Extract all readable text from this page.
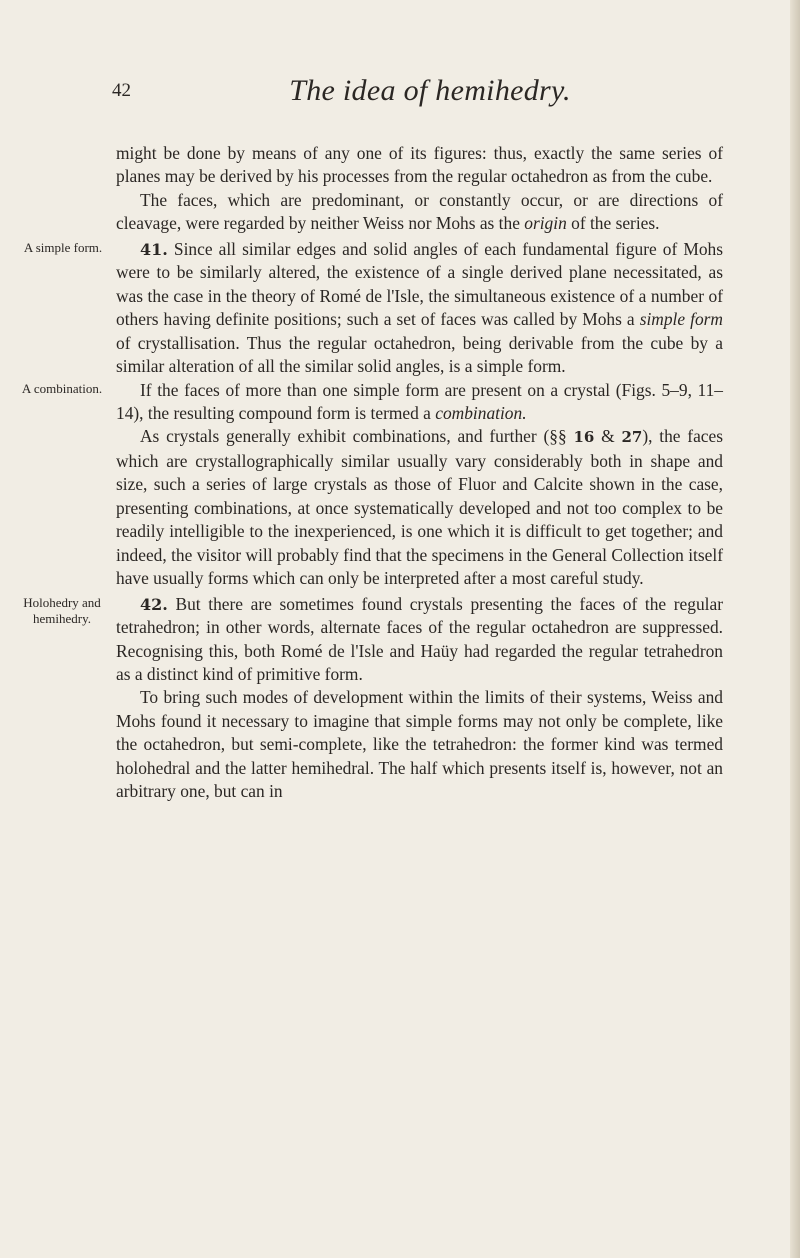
42	The idea of hemihedry.

might be done by means of any one of its figures: thus, exactly the same series of planes may be derived by his processes from the regular octahedron as from the cube.

The faces, which are predominant, or constantly occur, or are directions of cleavage, were regarded by neither Weiss nor Mohs as the origin of the series.

A simple form. 41. Since all similar edges and solid angles of each fundamental figure of Mohs were to be similarly altered, the existence of a single derived plane necessitated, as was the case in the theory of Romé de l'Isle, the simultaneous existence of a number of others having definite positions; such a set of faces was called by Mohs a simple form of crystallisation. Thus the regular octahedron, being derivable from the cube by a similar alteration of all the similar solid angles, is a simple form.

A combination. If the faces of more than one simple form are present on a crystal (Figs. 5–9, 11–14), the resulting compound form is termed a combination.

As crystals generally exhibit combinations, and further (§§ 16 & 27), the faces which are crystallographically similar usually vary considerably both in shape and size, such a series of large crystals as those of Fluor and Calcite shown in the case, presenting combinations, at once systematically developed and not too complex to be readily intelligible to the inexperienced, is one which it is difficult to get together; and indeed, the visitor will probably find that the specimens in the General Collection itself have usually forms which can only be interpreted after a most careful study.

Holohedry and hemihedry.
42. But there are sometimes found crystals presenting the faces of the regular tetrahedron; in other words, alternate faces of the regular octahedron are suppressed. Recognising this, both Romé de l'Isle and Haüy had regarded the regular tetrahedron as a distinct kind of primitive form.

To bring such modes of development within the limits of their systems, Weiss and Mohs found it necessary to imagine that simple forms may not only be complete, like the octahedron, but semi-complete, like the tetrahedron: the former kind was termed holohedral and the latter hemihedral. The half which presents itself is, however, not an arbitrary one, but can in
